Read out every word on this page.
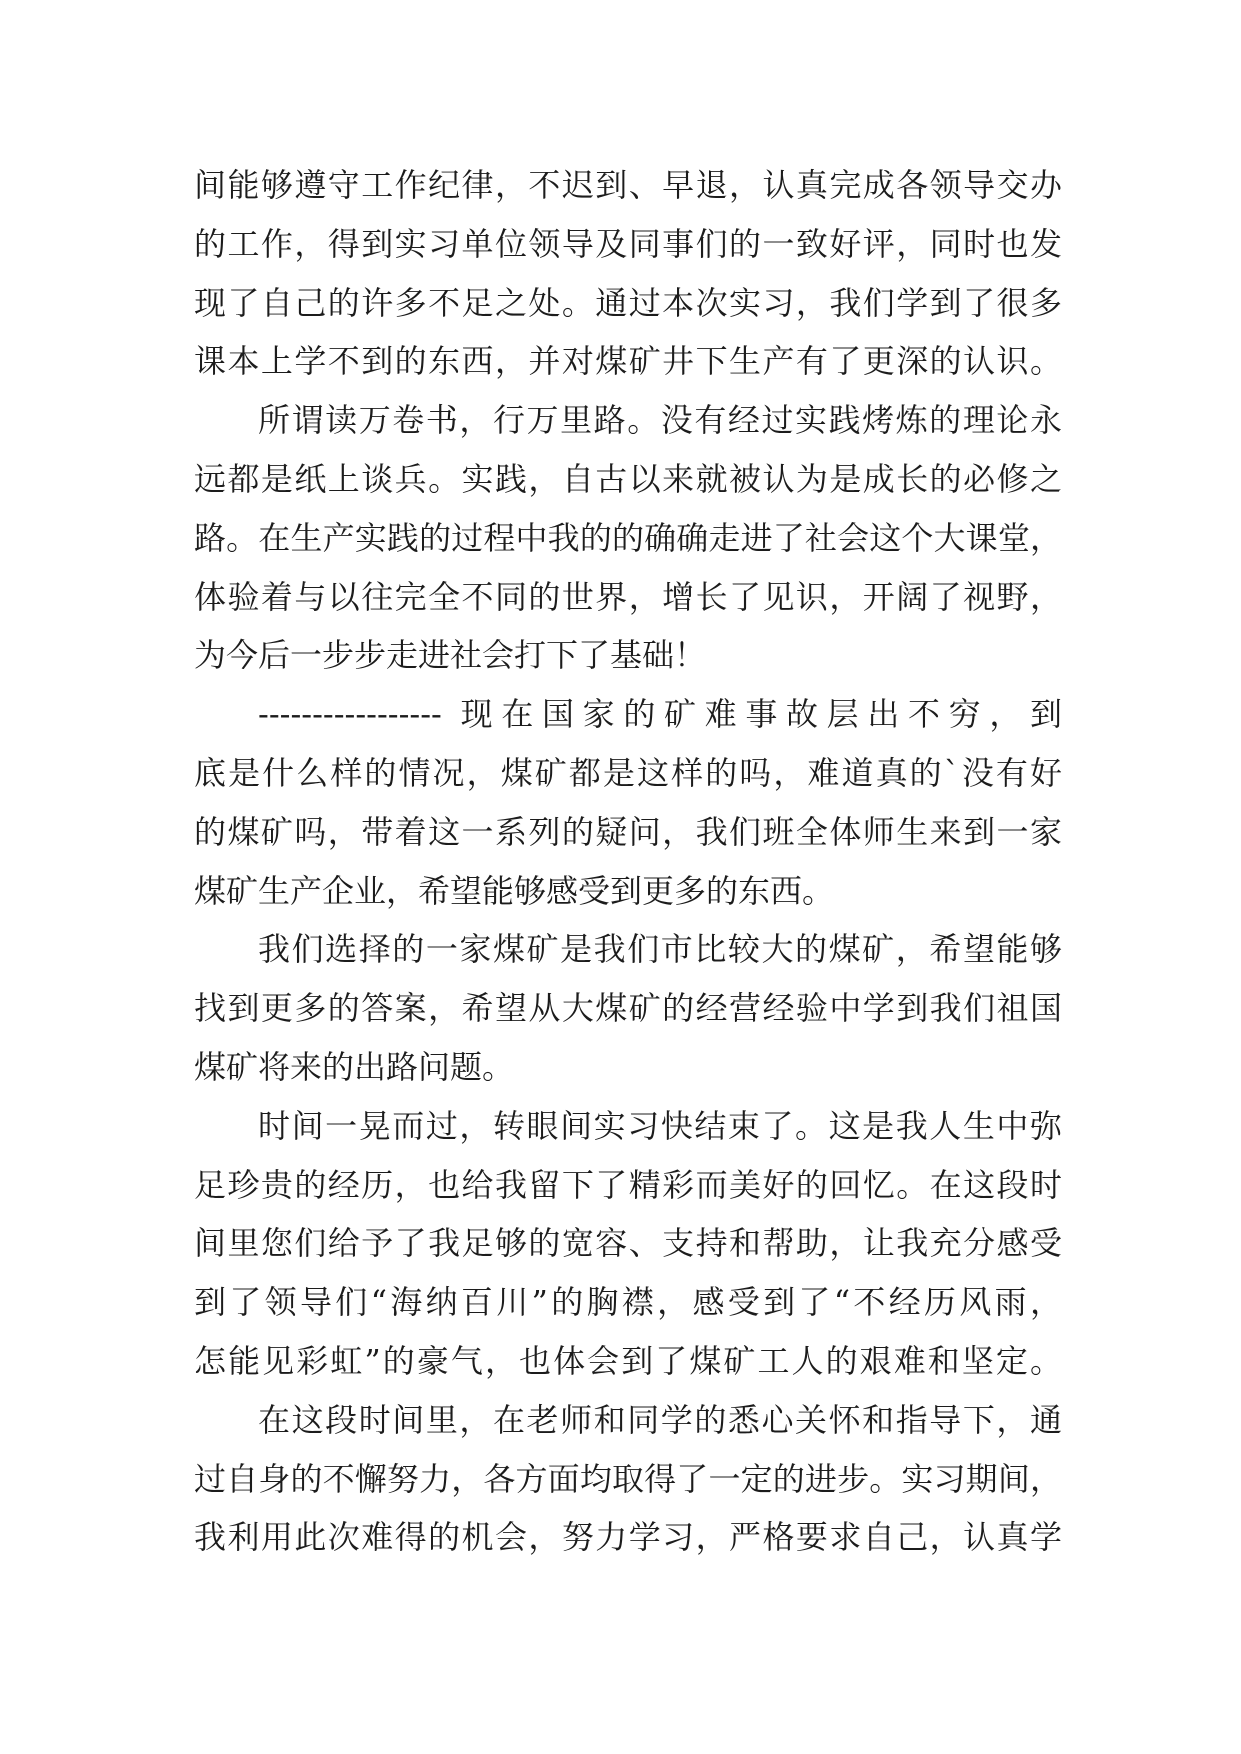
间能够遵守工作纪律，不迟到、早退，认真完成各领导交办
的工作，得到实习单位领导及同事们的一致好评，同时也发
现了自己的许多不足之处。通过本次实习，我们学到了很多
课本上学不到的东西，并对煤矿井下生产有了更深的认识。
所谓读万卷书，行万里路。没有经过实践烤炼的理论永
远都是纸上谈兵。实践，自古以来就被认为是成长的必修之
路。在生产实践的过程中我的的确确走进了社会这个大课堂，
体验着与以往完全不同的世界，增长了见识，开阔了视野，
为今后一步步走进社会打下了基础！
----------------- 现在国家的矿难事故层出不穷，到
底是什么样的情况，煤矿都是这样的吗，难道真的`没有好
的煤矿吗，带着这一系列的疑问，我们班全体师生来到一家
煤矿生产企业，希望能够感受到更多的东西。
我们选择的一家煤矿是我们市比较大的煤矿，希望能够
找到更多的答案，希望从大煤矿的经营经验中学到我们祖国
煤矿将来的出路问题。
时间一晃而过，转眼间实习快结束了。这是我人生中弥
足珍贵的经历，也给我留下了精彩而美好的回忆。在这段时
间里您们给予了我足够的宽容、支持和帮助，让我充分感受
到了领导们“海纳百川”的胸襟，感受到了“不经历风雨，
怎能见彩虹”的豪气，也体会到了煤矿工人的艰难和坚定。
在这段时间里，在老师和同学的悉心关怀和指导下，通
过自身的不懈努力，各方面均取得了一定的进步。实习期间，
我利用此次难得的机会，努力学习，严格要求自己，认真学
